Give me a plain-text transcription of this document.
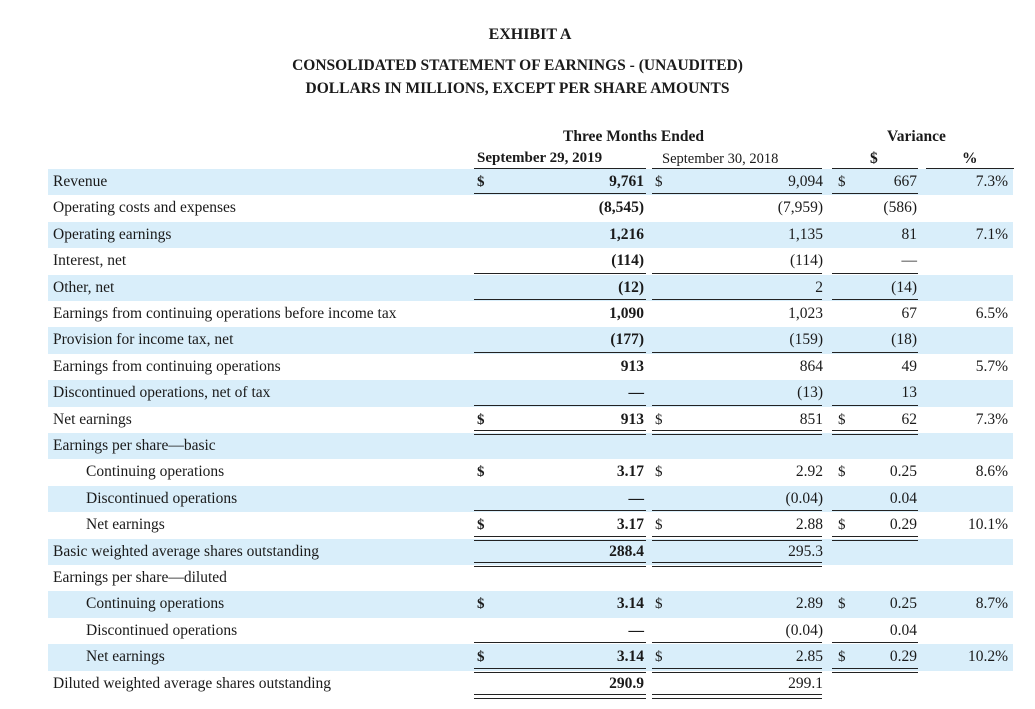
EXHIBIT A
CONSOLIDATED STATEMENT OF EARNINGS - (UNAUDITED)
DOLLARS IN MILLIONS, EXCEPT PER SHARE AMOUNTS
Three Months Ended	Variance
September 29, 2019	September 30, 2018	$	%
Revenue	$	9,761 $	9,094 $	667	7.3%
Operating costs and expenses	(8,545)	(7,959)	(586)
Operating earnings	1,216	1,135	81	7.1%
Interest, net	(114)	(114)	—
Other, net	(12)	2	(14)
Earnings from continuing operations before income tax	1,090	1,023	67	6.5%
Provision for income tax, net	(177)	(159)	(18)
Earnings from continuing operations	913	864	49	5.7%
Discontinued operations, net of tax	—	(13)	13
Net earnings	$	913 $	851 $	62	7.3%
Earnings per share—basic
Continuing operations	$	3.17 $	2.92 $	0.25	8.6%
Discontinued operations	—	(0.04)	0.04
Net earnings	$	3.17 $	2.88 $	0.29	10.1%
Basic weighted average shares outstanding	288.4	295.3
Earnings per share—diluted
Continuing operations	$	3.14 $	2.89 $	0.25	8.7%
Discontinued operations	—	(0.04)	0.04
Net earnings	$	3.14 $	2.85 $	0.29	10.2%
Diluted weighted average shares outstanding	290.9	299.1
